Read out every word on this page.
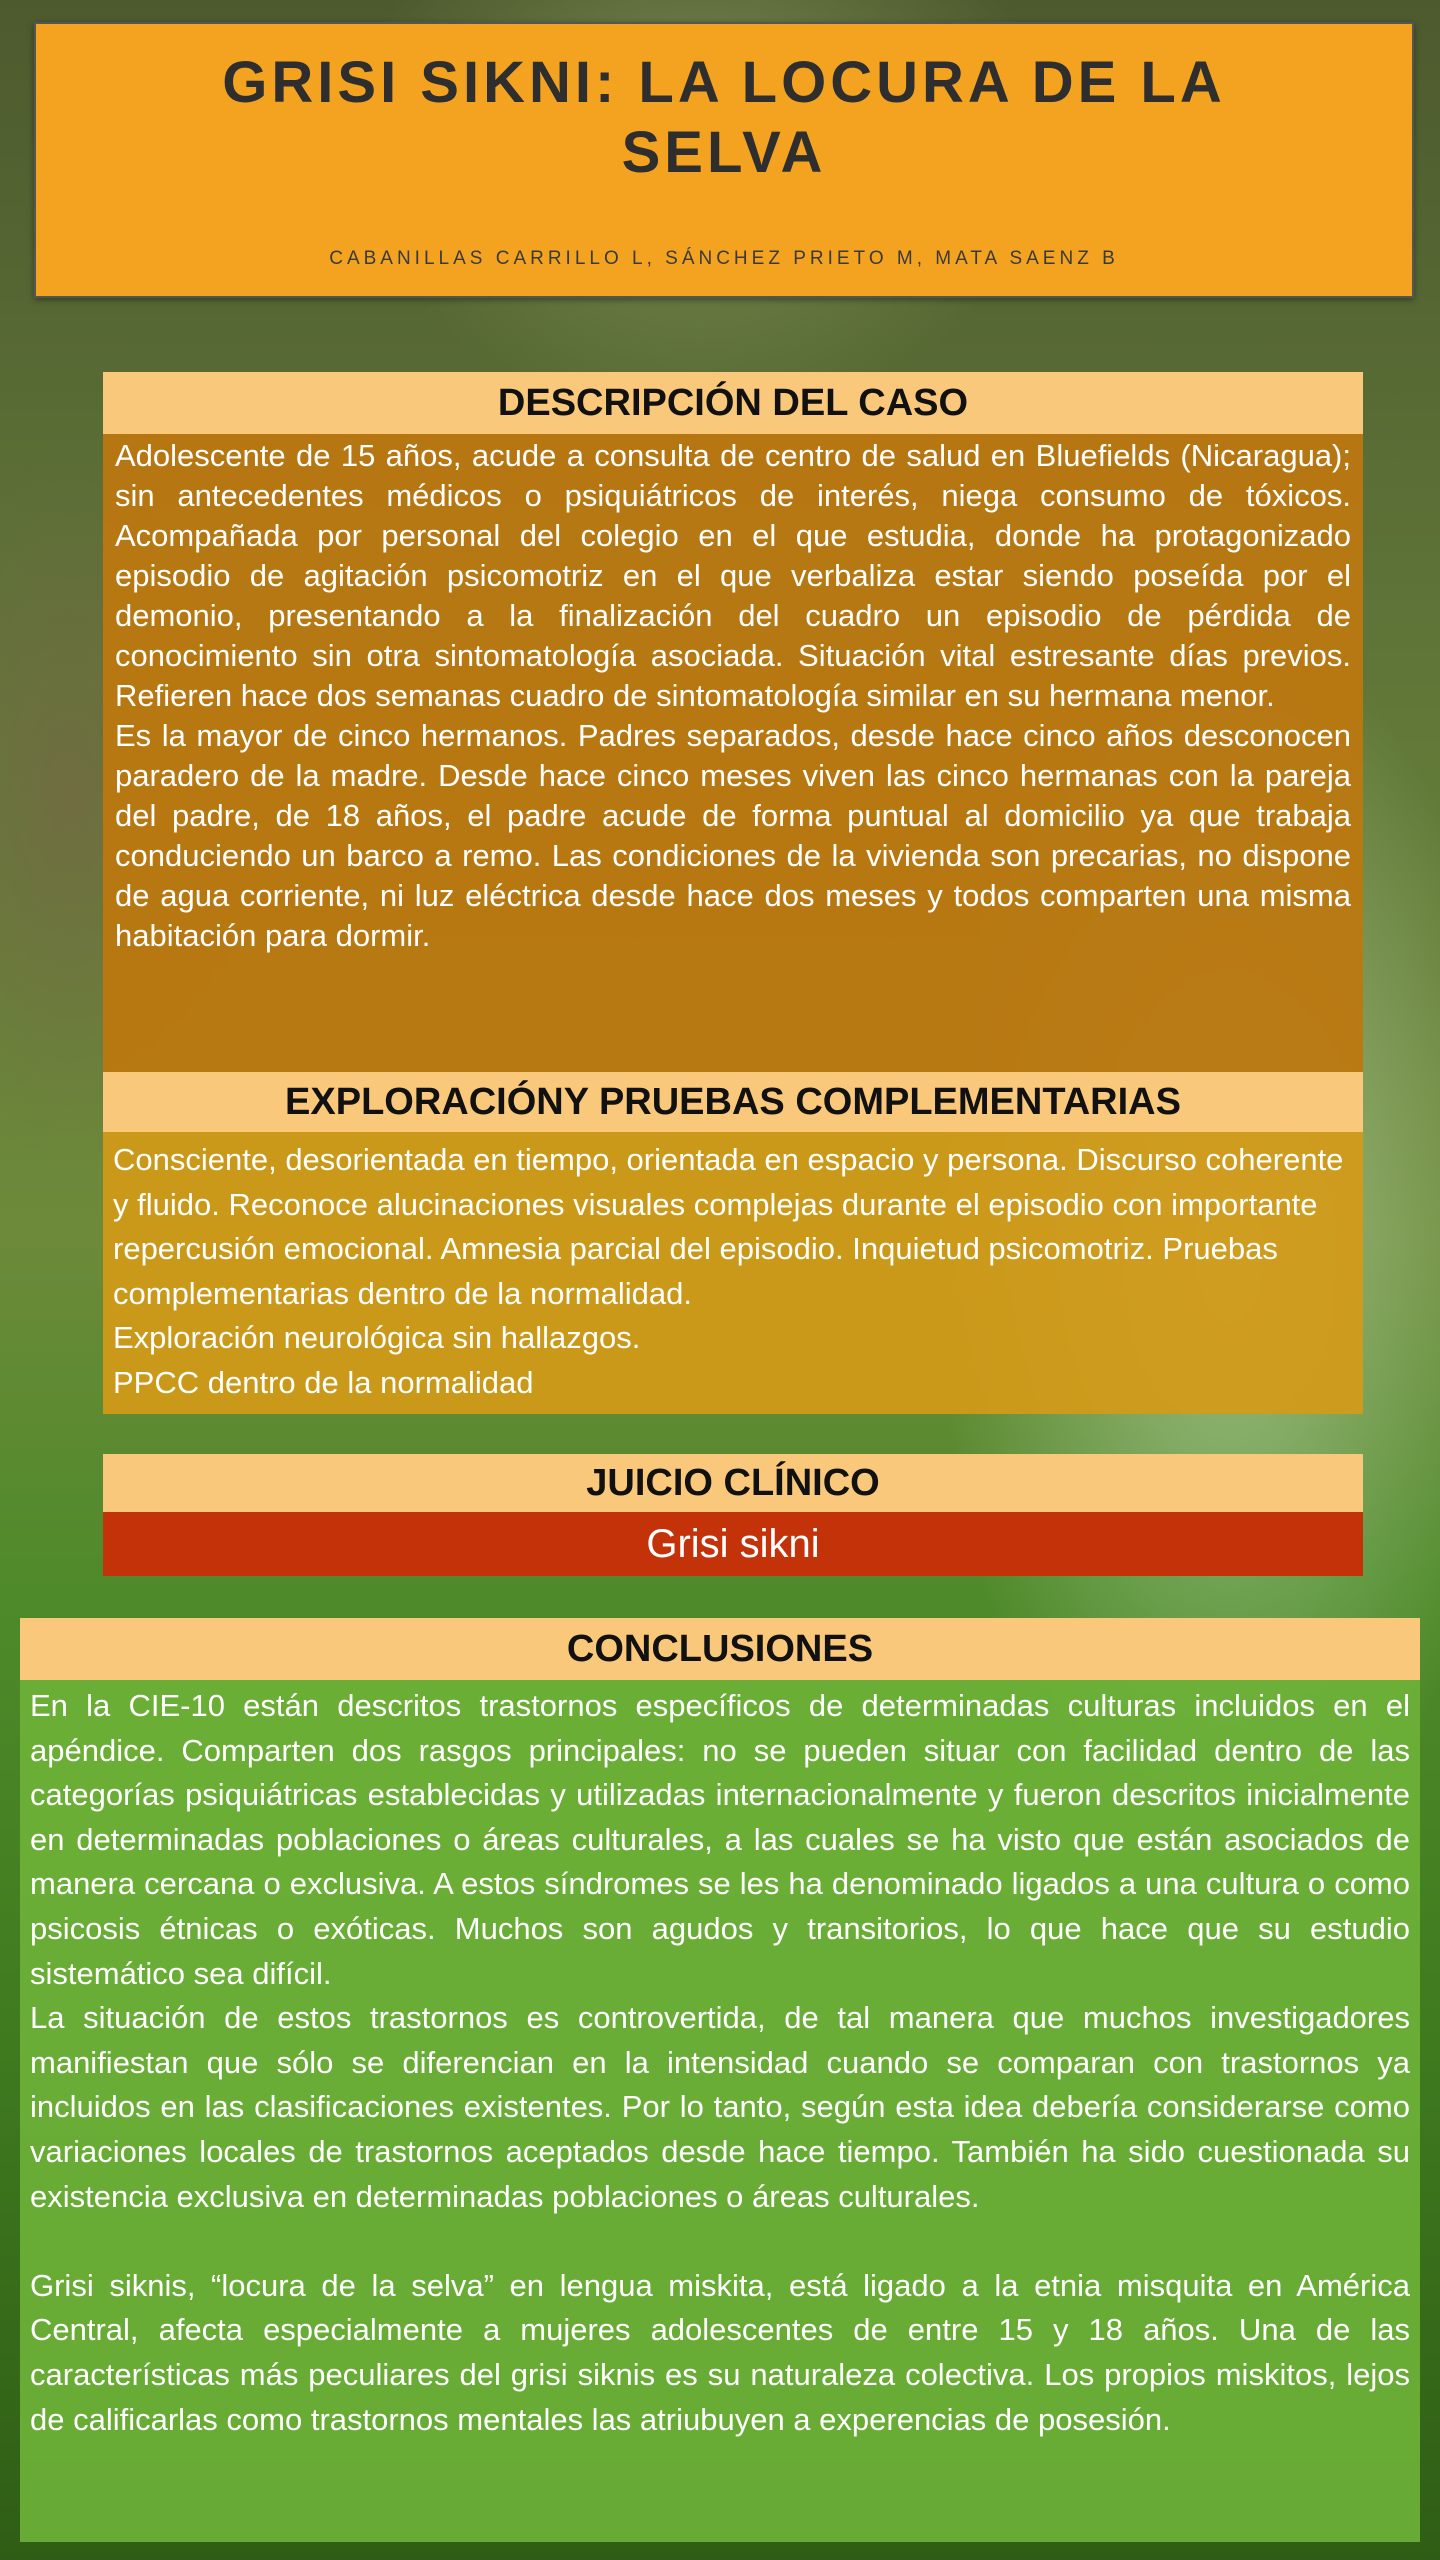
GRISI SIKNI: LA LOCURA DE LA SELVA
CABANILLAS CARRILLO L, SÁNCHEZ PRIETO M, MATA SAENZ B
DESCRIPCIÓN DEL CASO

Adolescente de 15 años, acude a consulta de centro de salud en Bluefields (Nicaragua); sin antecedentes médicos o psiquiátricos de interés, niega consumo de tóxicos. Acompañada por personal del colegio en el que estudia, donde ha protagonizado episodio de agitación psicomotriz en el que verbaliza estar siendo poseída por el demonio, presentando a la finalización del cuadro un episodio de pérdida de conocimiento sin otra sintomatología asociada. Situación vital estresante días previos. Refieren hace dos semanas cuadro de sintomatología similar en su hermana menor.

Es la mayor de cinco hermanos. Padres separados, desde hace cinco años desconocen paradero de la madre. Desde hace cinco meses viven las cinco hermanas con la pareja del padre, de 18 años, el padre acude de forma puntual al domicilio ya que trabaja conduciendo un barco a remo. Las condiciones de la vivienda son precarias, no dispone de agua corriente, ni luz eléctrica desde hace dos meses y todos comparten una misma habitación para dormir.

EXPLORACIÓNY PRUEBAS COMPLEMENTARIAS

Consciente, desorientada en tiempo, orientada en espacio y persona. Discurso coherente y fluido. Reconoce alucinaciones visuales complejas durante el episodio con importante repercusión emocional. Amnesia parcial del episodio. Inquietud psicomotriz. Pruebas complementarias dentro de la normalidad.

Exploración neurológica sin hallazgos.

PPCC dentro de la normalidad

JUICIO CLÍNICO
Grisi sikni
CONCLUSIONES

En la CIE-10 están descritos trastornos específicos de determinadas culturas incluidos en el apéndice. Comparten dos rasgos principales: no se pueden situar con facilidad dentro de las categorías psiquiátricas establecidas y utilizadas internacionalmente y fueron descritos inicialmente en determinadas poblaciones o áreas culturales, a las cuales se ha visto que están asociados de manera cercana o exclusiva. A estos síndromes se les ha denominado ligados a una cultura o como psicosis étnicas o exóticas. Muchos son agudos y transitorios, lo que hace que su estudio sistemático sea difícil.

La situación de estos trastornos es controvertida, de tal manera que muchos investigadores manifiestan que sólo se diferencian en la intensidad cuando se comparan con trastornos ya incluidos en las clasificaciones existentes. Por lo tanto, según esta idea debería considerarse como variaciones locales de trastornos aceptados desde hace tiempo. También ha sido cuestionada su existencia exclusiva en determinadas poblaciones o áreas culturales.

Grisi siknis, “locura de la selva” en lengua miskita, está ligado a la etnia misquita en América Central, afecta especialmente a mujeres adolescentes de entre 15 y 18 años. Una de las características más peculiares del grisi siknis es su naturaleza colectiva. Los propios miskitos, lejos de calificarlas como trastornos mentales las atriubuyen a experencias de posesión.
